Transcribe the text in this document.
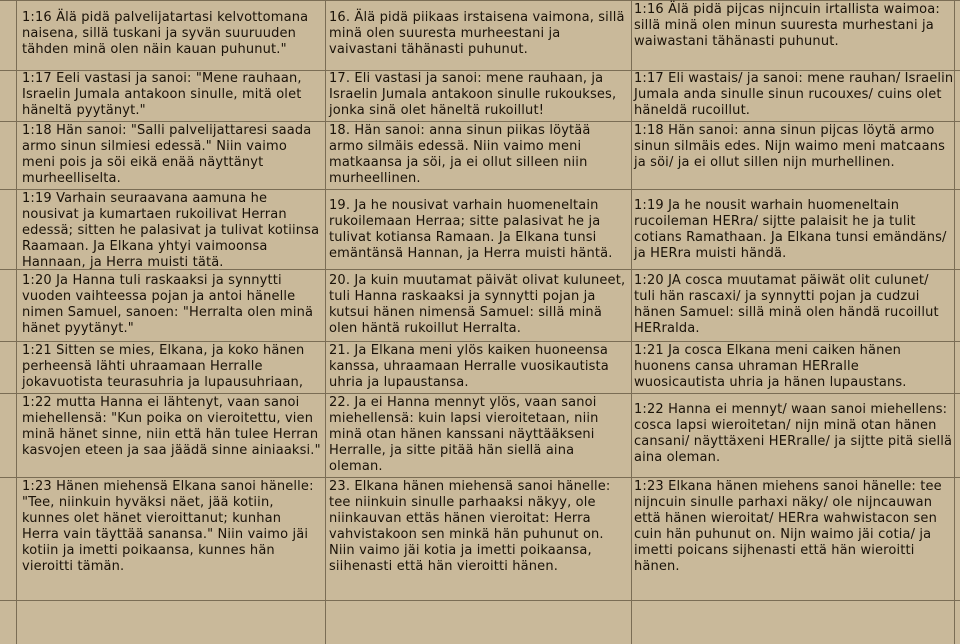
1:16 Älä pidä palvelijatartasi kelvottomana naisena, sillä tuskani ja syvän suuruuden tähden minä olen näin kauan puhunut."
1:17 Eeli vastasi ja sanoi: "Mene rauhaan, Israelin Jumala antakoon sinulle, mitä olet häneltä pyytänyt."
1:18 Hän sanoi: "Salli palvelijattaresi saada armo sinun silmiesi edessä." Niin vaimo meni pois ja söi eikä enää näyttänyt murheelliselta.
1:19 Varhain seuraavana aamuna he nousivat ja kumartaen rukoilivat Herran edessä; sitten he palasivat ja tulivat kotiinsa Raamaan. Ja Elkana yhtyi vaimoonsa Hannaan, ja Herra muisti tätä.
1:20 Ja Hanna tuli raskaaksi ja synnytti vuoden vaihteessa pojan ja antoi hänelle nimen Samuel, sanoen: "Herralta olen minä hänet pyytänyt."
1:21 Sitten se mies, Elkana, ja koko hänen perheensä lähti uhraamaan Herralle jokavuotista teurasuhria ja lupausuhriaan,
1:22 mutta Hanna ei lähtenyt, vaan sanoi miehellensä: "Kun poika on vieroitettu, vien minä hänet sinne, niin että hän tulee Herran kasvojen eteen ja saa jäädä sinne ainiaaksi."
1:23 Hänen miehensä Elkana sanoi hänelle: "Tee, niinkuin hyväksi näet, jää kotiin, kunnes olet hänet vieroittanut; kunhan Herra vain täyttää sanansa." Niin vaimo jäi kotiin ja imetti poikaansa, kunnes hän vieroitti tämän.
16. Älä pidä piikaas irstaisena vaimona, sillä minä olen suuresta murheestani ja vaivastani tähänasti puhunut.
17. Eli vastasi ja sanoi: mene rauhaan, ja Israelin Jumala antakoon sinulle rukoukses, jonka sinä olet häneltä rukoillut!
18. Hän sanoi: anna sinun piikas löytää armo silmäis edessä. Niin vaimo meni matkaansa ja söi, ja ei ollut silleen niin murheellinen.
19. Ja he nousivat varhain huomeneltain rukoilemaan Herraa; sitte palasivat he ja tulivat kotiansa Ramaan. Ja Elkana tunsi emäntänsä Hannan, ja Herra muisti häntä.
20. Ja kuin muutamat päivät olivat kuluneet, tuli Hanna raskaaksi ja synnytti pojan ja kutsui hänen nimensä Samuel: sillä minä olen häntä rukoillut Herralta.
21. Ja Elkana meni ylös kaiken huoneensa kanssa, uhraamaan Herralle vuosikautista uhria ja lupaustansa.
22. Ja ei Hanna mennyt ylös, vaan sanoi miehellensä: kuin lapsi vieroitetaan, niin minä otan hänen kanssani näyttääkseni Herralle, ja sitte pitää hän siellä aina oleman.
23. Elkana hänen miehensä sanoi hänelle: tee niinkuin sinulle parhaaksi näkyy, ole niinkauvan ettäs hänen vieroitat: Herra vahvistakoon sen minkä hän puhunut on. Niin vaimo jäi kotia ja imetti poikaansa, siihenasti että hän vieroitti hänen.
1:16 Älä pidä pijcas nijncuin irtallista waimoa: sillä minä olen minun suuresta murhestani ja waiwastani tähänasti puhunut.
1:17 Eli wastais/ ja sanoi: mene rauhan/ Israelin Jumala anda sinulle sinun rucouxes/ cuins olet häneldä rucoillut.
1:18 Hän sanoi: anna sinun pijcas löytä armo sinun silmäis edes. Nijn waimo meni matcaans ja söi/ ja ei ollut sillen nijn murhellinen.
1:19 Ja he nousit warhain huomeneltain rucoileman HERra/ sijtte palaisit he ja tulit cotians Ramathaan. Ja Elkana tunsi emändäns/ ja HERra muisti händä.
1:20 JA cosca muutamat päiwät olit culunet/ tuli hän rascaxi/ ja synnytti pojan ja cudzui hänen Samuel: sillä minä olen händä rucoillut HERralda.
1:21 Ja cosca Elkana meni caiken hänen huonens cansa uhraman HERralle wuosicautista uhria ja hänen lupaustans.
1:22 Hanna ei mennyt/ waan sanoi miehellens: cosca lapsi wieroitetan/ nijn minä otan hänen cansani/ näyttäxeni HERralle/ ja sijtte pitä siellä aina oleman.
1:23 Elkana hänen miehens sanoi hänelle: tee nijncuin sinulle parhaxi näky/ ole nijncauwan että hänen wieroitat/ HERra wahwistacon sen cuin hän puhunut on. Nijn waimo jäi cotia/ ja imetti poicans sijhenasti että hän wieroitti hänen.
